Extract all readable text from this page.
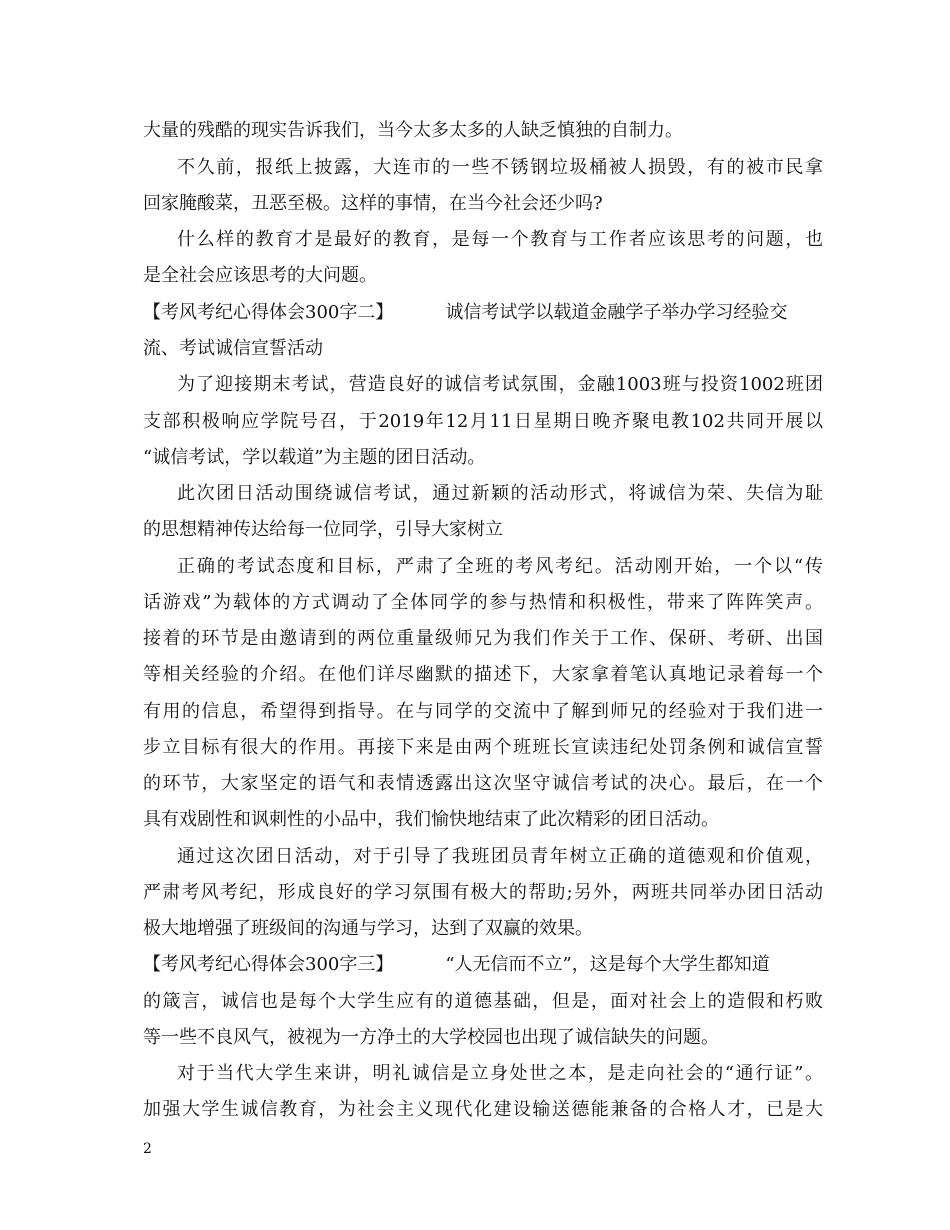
大量的残酷的现实告诉我们，当今太多太多的人缺乏慎独的自制力。
不久前，报纸上披露，大连市的一些不锈钢垃圾桶被人损毁，有的被市民拿
回家腌酸菜，丑恶至极。这样的事情，在当今社会还少吗?
什么样的教育才是最好的教育，是每一个教育与工作者应该思考的问题，也
是全社会应该思考的大问题。
【考风考纪心得体会300字二】	诚信考试学以载道金融学子举办学习经验交
流、考试诚信宣誓活动
为了迎接期末考试，营造良好的诚信考试氛围，金融1003班与投资1002班团
支部积极响应学院号召，于2019年12月11日星期日晚齐聚电教102共同开展以
“诚信考试，学以载道”为主题的团日活动。
此次团日活动围绕诚信考试，通过新颖的活动形式，将诚信为荣、失信为耻
的思想精神传达给每一位同学，引导大家树立
正确的考试态度和目标，严肃了全班的考风考纪。活动刚开始，一个以“传
话游戏”为载体的方式调动了全体同学的参与热情和积极性，带来了阵阵笑声。
接着的环节是由邀请到的两位重量级师兄为我们作关于工作、保研、考研、出国
等相关经验的介绍。在他们详尽幽默的描述下，大家拿着笔认真地记录着每一个
有用的信息，希望得到指导。在与同学的交流中了解到师兄的经验对于我们进一
步立目标有很大的作用。再接下来是由两个班班长宣读违纪处罚条例和诚信宣誓
的环节，大家坚定的语气和表情透露出这次坚守诚信考试的决心。最后，在一个
具有戏剧性和讽刺性的小品中，我们愉快地结束了此次精彩的团日活动。
通过这次团日活动，对于引导了我班团员青年树立正确的道德观和价值观，
严肃考风考纪，形成良好的学习氛围有极大的帮助;另外，两班共同举办团日活动
极大地增强了班级间的沟通与学习，达到了双赢的效果。
【考风考纪心得体会300字三】	“人无信而不立”，这是每个大学生都知道
的箴言，诚信也是每个大学生应有的道德基础，但是，面对社会上的造假和朽败
等一些不良风气，被视为一方净土的大学校园也出现了诚信缺失的问题。
对于当代大学生来讲，明礼诚信是立身处世之本，是走向社会的“通行证”。
加强大学生诚信教育，为社会主义现代化建设输送德能兼备的合格人才，已是大
2
